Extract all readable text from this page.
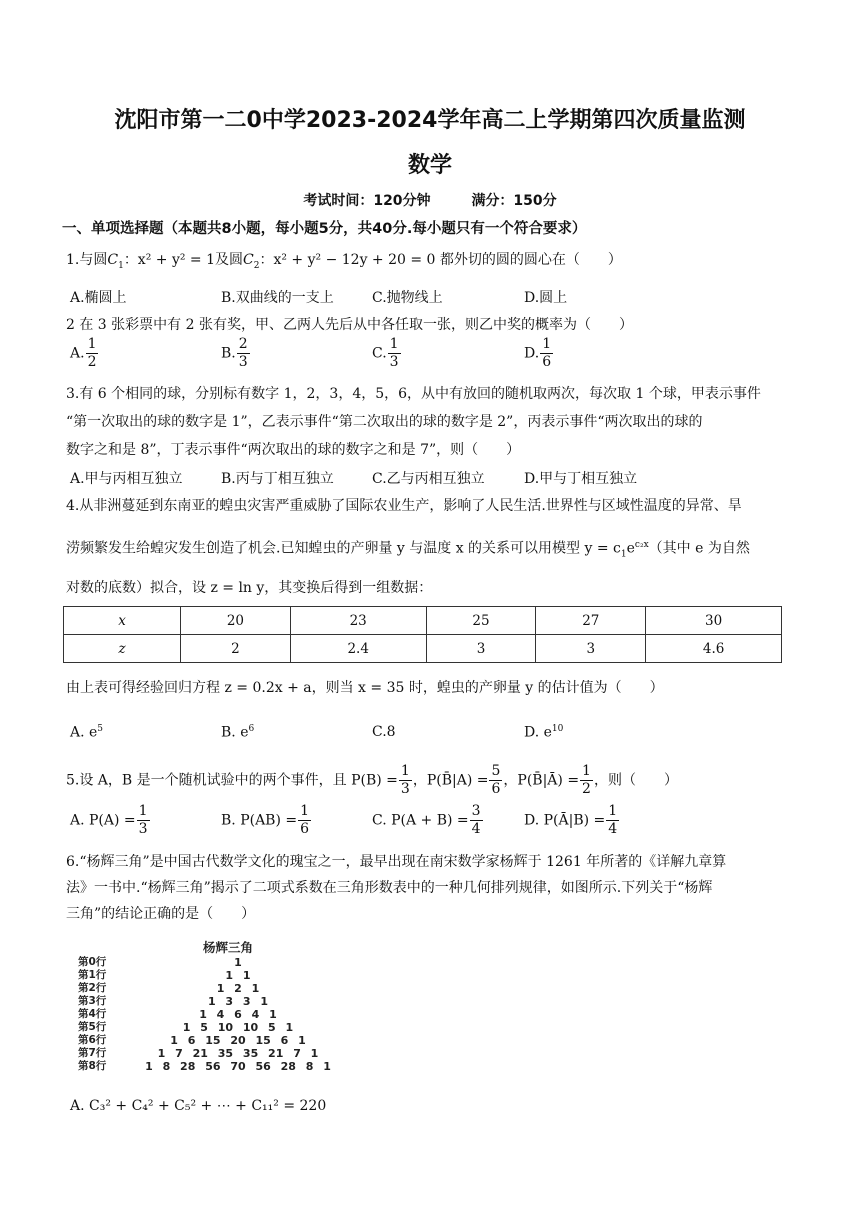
沈阳市第一二0中学2023-2024学年高二上学期第四次质量监测
数学
考试时间：120分钟	满分：150分
一、单项选择题（本题共8小题，每小题5分，共40分.每小题只有一个符合要求）
1.与圆$C_1$：x² + y² = 1及圆$C_2$：x² + y² − 12y + 20 = 0 都外切的圆的圆心在（　　）
A.椭圆上	B.双曲线的一支上	C.抛物线上	D.圆上
2 在 3 张彩票中有 2 张有奖，甲、乙两人先后从中各任取一张，则乙中奖的概率为（　　）
A. $\frac{1}{2}$	B. $\frac{2}{3}$	C. $\frac{1}{3}$	D. $\frac{1}{6}$
3.有 6 个相同的球，分别标有数字 1，2，3，4，5，6，从中有放回的随机取两次，每次取 1 个球，甲表示事件
“第一次取出的球的数字是 1”，乙表示事件“第二次取出的球的数字是 2”，丙表示事件“两次取出的球的
数字之和是 8”，丁表示事件“两次取出的球的数字之和是 7”，则（　　）
A.甲与丙相互独立	B.丙与丁相互独立	C.乙与丙相互独立	D.甲与丁相互独立
4.从非洲蔓延到东南亚的蝗虫灾害严重威胁了国际农业生产，影响了人民生活.世界性与区域性温度的异常、旱
涝频繁发生给蝗灾发生创造了机会.已知蝗虫的产卵量 y 与温度 x 的关系可以用模型 $y = c_1e^{c_2x}$（其中 e 为自然
对数的底数）拟合，设 z = ln y，其变换后得到一组数据：
x	20	23	25	27	30
z	2	2.4	3	3	4.6
由上表可得经验回归方程 z = 0.2x + a，则当 x = 35 时，蝗虫的产卵量 y 的估计值为（　　）
A. $e^5$	B. $e^6$	C.8	D. $e^{10}$
5.设 A，B 是一个随机试验中的两个事件，且 $P(B) = \frac{1}{3}$ ，P(B̄|A) = $\frac{5}{6}$ ，P(B̄|Ā) = $\frac{1}{2}$ ，则（　　）
A. $P(A) = \frac{1}{3}$	B. $P(AB) = \frac{1}{6}$	C. $P(A + B) = \frac{3}{4}$	D. P(Ā|B) = $\frac{1}{4}$
6.“杨辉三角”是中国古代数学文化的瑰宝之一，最早出现在南宋数学家杨辉于 1261 年所著的《详解九章算
法》一书中.“杨辉三角”揭示了二项式系数在三角形数表中的一种几何排列规律，如图所示.下列关于“杨辉
三角”的结论正确的是（　　）
杨辉三角
第0行	1
第1行	1 1
第2行	1 2 1
第3行	1 3 3 1
第4行	1 4 6 4 1
第5行	1 5 10 10 5 1
第6行	1 6 15 20 15 6 1
第7行	1 7 21 35 35 21 7 1
第8行	1 8 28 56 70 56 28 8 1
A. C₃² + C₄² + C₅² + ⋯ + C₁₁² = 220
